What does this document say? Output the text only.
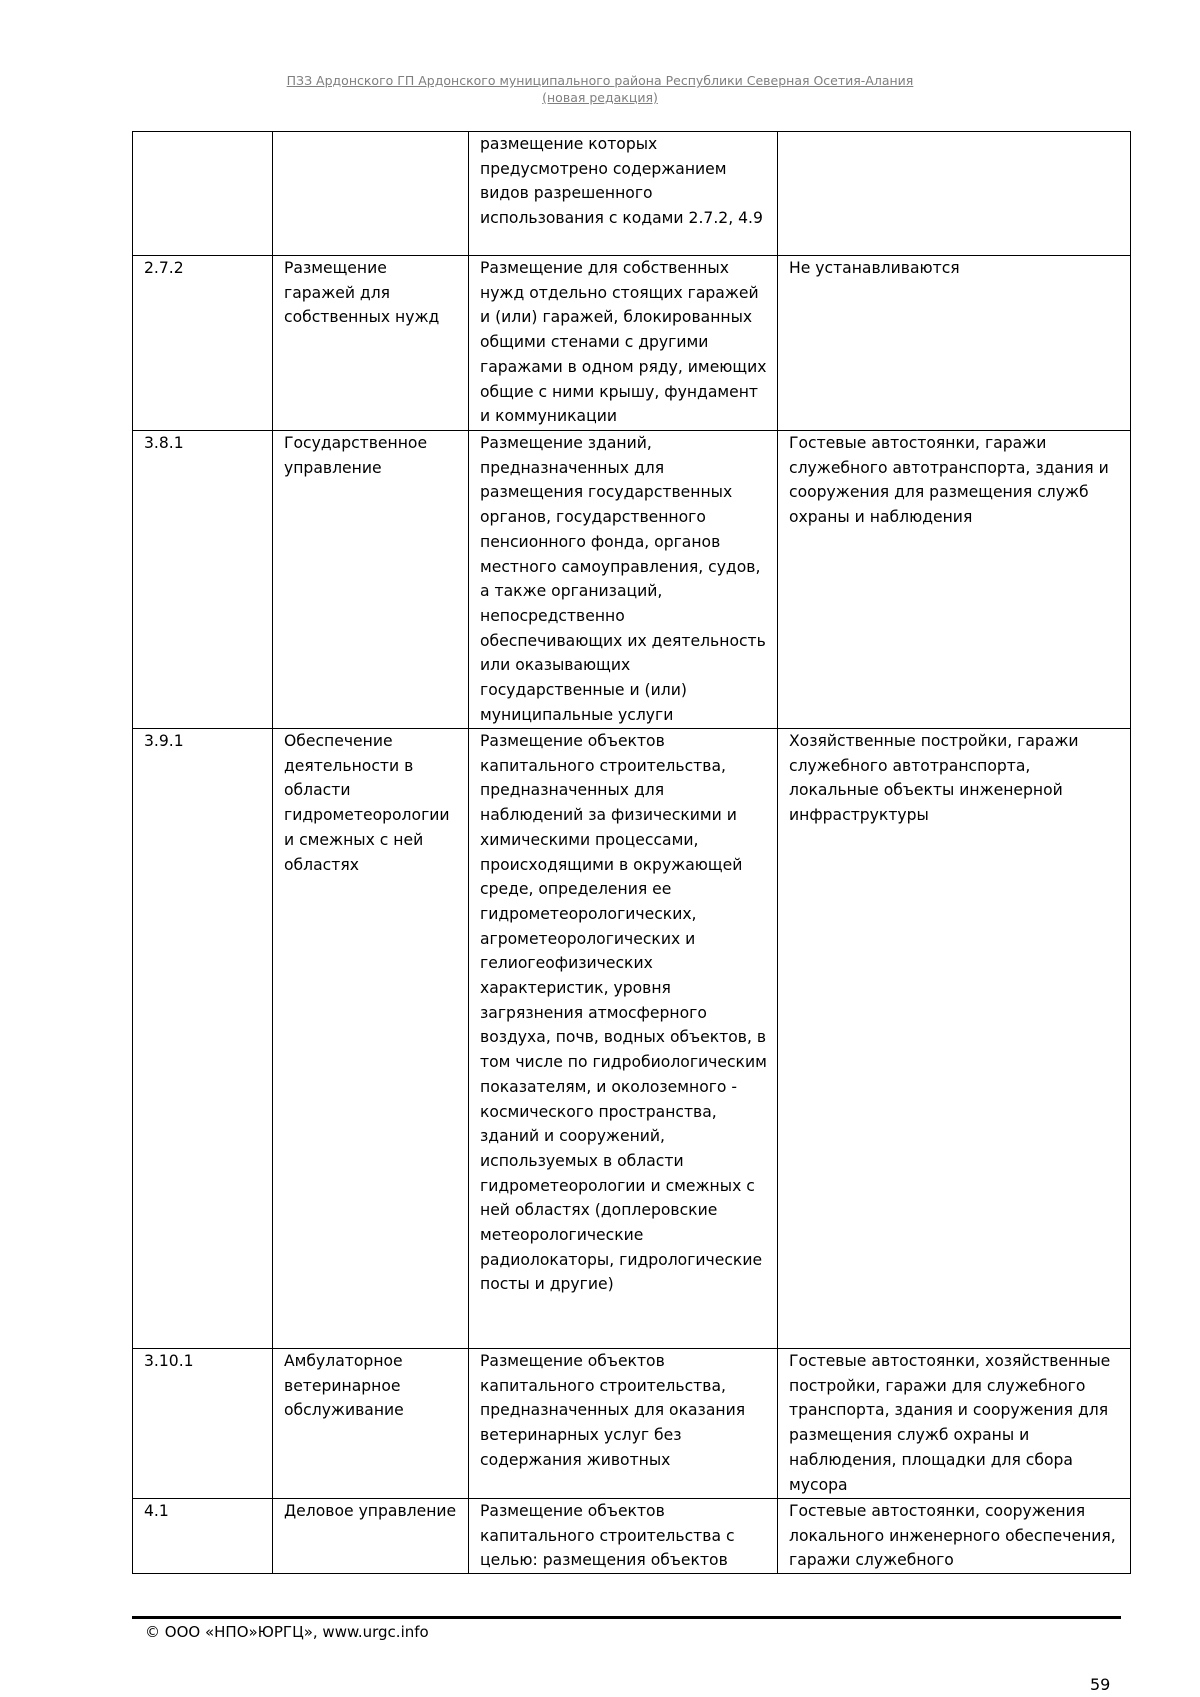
ПЗЗ Ардонского ГП Ардонского муниципального района Республики Северная Осетия-Алания
(новая редакция)
		размещение которых предусмотрено содержанием видов разрешенного использования с кодами 2.7.2, 4.9	
2.7.2	Размещение гаражей для собственных нужд	Размещение для собственных нужд отдельно стоящих гаражей и (или) гаражей, блокированных общими стенами с другими гаражами в одном ряду, имеющих общие с ними крышу, фундамент и коммуникации	Не устанавливаются
3.8.1	Государственное управление	Размещение зданий, предназначенных для размещения государственных органов, государственного пенсионного фонда, органов местного самоуправления, судов, а также организаций, непосредственно обеспечивающих их деятельность или оказывающих государственные и (или) муниципальные услуги	Гостевые автостоянки, гаражи служебного автотранспорта, здания и сооружения для размещения служб охраны и наблюдения
3.9.1	Обеспечение деятельности в области гидрометеорологии и смежных с ней областях	Размещение объектов капитального строительства, предназначенных для наблюдений за физическими и химическими процессами, происходящими в окружающей среде, определения ее гидрометеорологических, агрометеорологических и гелиогеофизических характеристик, уровня загрязнения атмосферного воздуха, почв, водных объектов, в том числе по гидробиологическим показателям, и околоземного - космического пространства, зданий и сооружений, используемых в области гидрометеорологии и смежных с ней областях (доплеровские метеорологические радиолокаторы, гидрологические посты и другие)	Хозяйственные постройки, гаражи служебного автотранспорта, локальные объекты инженерной инфраструктуры
3.10.1	Амбулаторное ветеринарное обслуживание	Размещение объектов капитального строительства, предназначенных для оказания ветеринарных услуг без содержания животных	Гостевые автостоянки, хозяйственные постройки, гаражи для служебного транспорта, здания и сооружения для размещения служб охраны и наблюдения, площадки для сбора мусора
4.1	Деловое управление	Размещение объектов капитального строительства с целью: размещения объектов	Гостевые автостоянки, сооружения локального инженерного обеспечения, гаражи служебного
© ООО «НПО»ЮРГЦ», www.urgc.info
59
